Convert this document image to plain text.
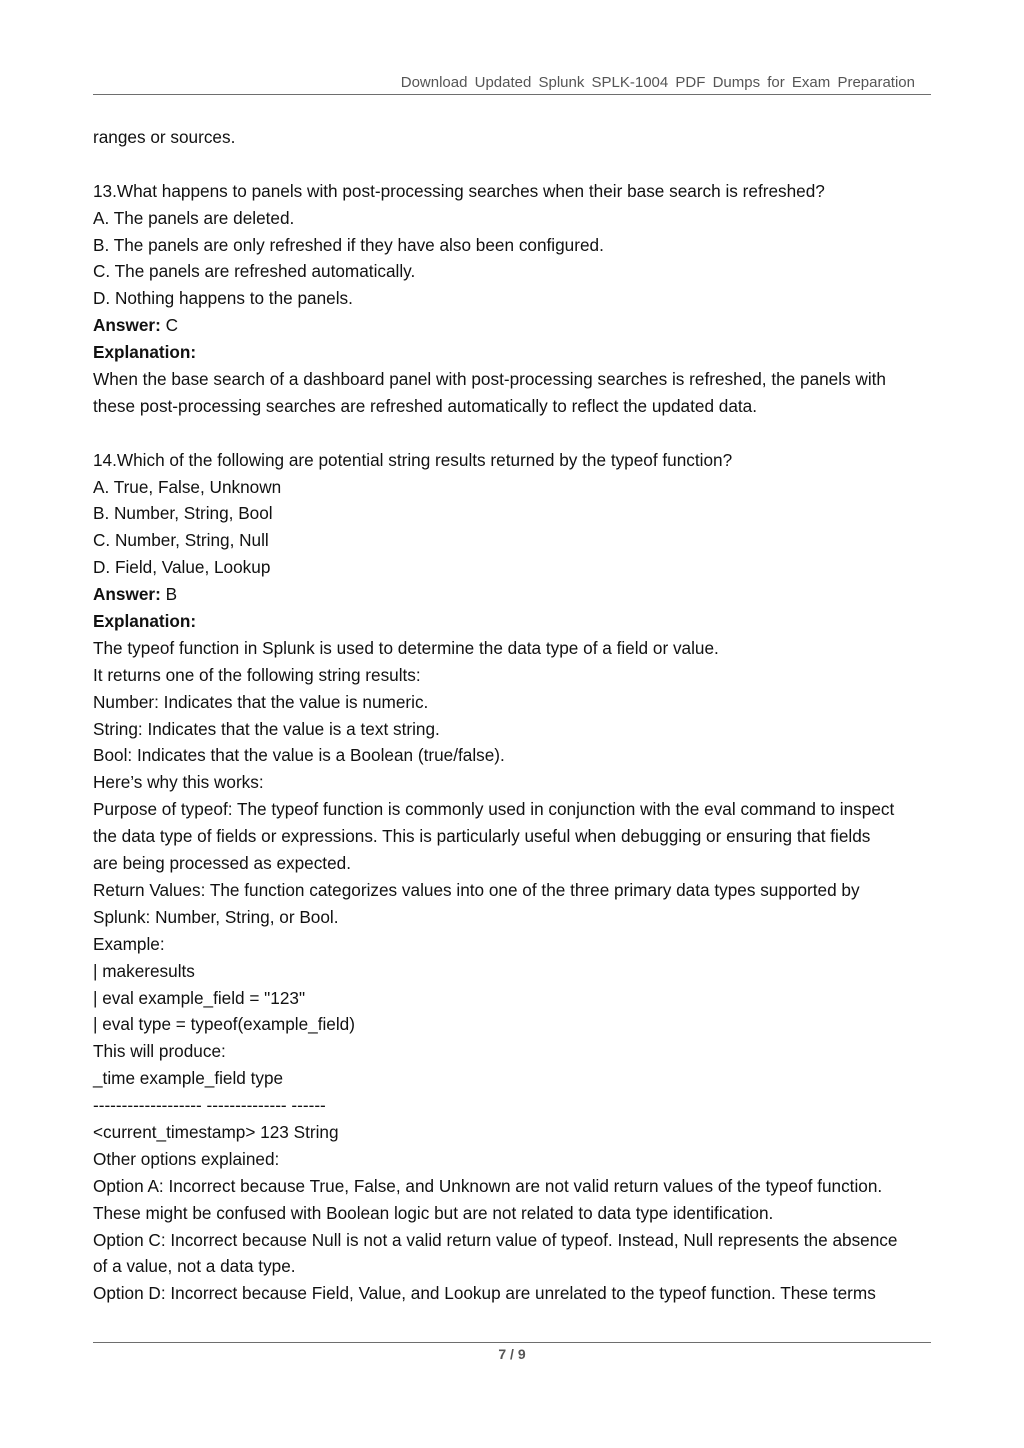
Download Updated Splunk SPLK-1004 PDF Dumps for Exam Preparation
ranges or sources.
13.What happens to panels with post-processing searches when their base search is refreshed?
A. The panels are deleted.
B. The panels are only refreshed if they have also been configured.
C. The panels are refreshed automatically.
D. Nothing happens to the panels.
Answer: C
Explanation:
When the base search of a dashboard panel with post-processing searches is refreshed, the panels with
these post-processing searches are refreshed automatically to reflect the updated data.
14.Which of the following are potential string results returned by the typeof function?
A. True, False, Unknown
B. Number, String, Bool
C. Number, String, Null
D. Field, Value, Lookup
Answer: B
Explanation:
The typeof function in Splunk is used to determine the data type of a field or value.
It returns one of the following string results:
Number: Indicates that the value is numeric.
String: Indicates that the value is a text string.
Bool: Indicates that the value is a Boolean (true/false).
Here’s why this works:
Purpose of typeof: The typeof function is commonly used in conjunction with the eval command to inspect
the data type of fields or expressions. This is particularly useful when debugging or ensuring that fields
are being processed as expected.
Return Values: The function categorizes values into one of the three primary data types supported by
Splunk: Number, String, or Bool.
Example:
| makeresults
| eval example_field = "123"
| eval type = typeof(example_field)
This will produce:
_time example_field type
------------------- -------------- ------
<current_timestamp> 123 String
Other options explained:
Option A: Incorrect because True, False, and Unknown are not valid return values of the typeof function.
These might be confused with Boolean logic but are not related to data type identification.
Option C: Incorrect because Null is not a valid return value of typeof. Instead, Null represents the absence
of a value, not a data type.
Option D: Incorrect because Field, Value, and Lookup are unrelated to the typeof function. These terms
7 / 9
